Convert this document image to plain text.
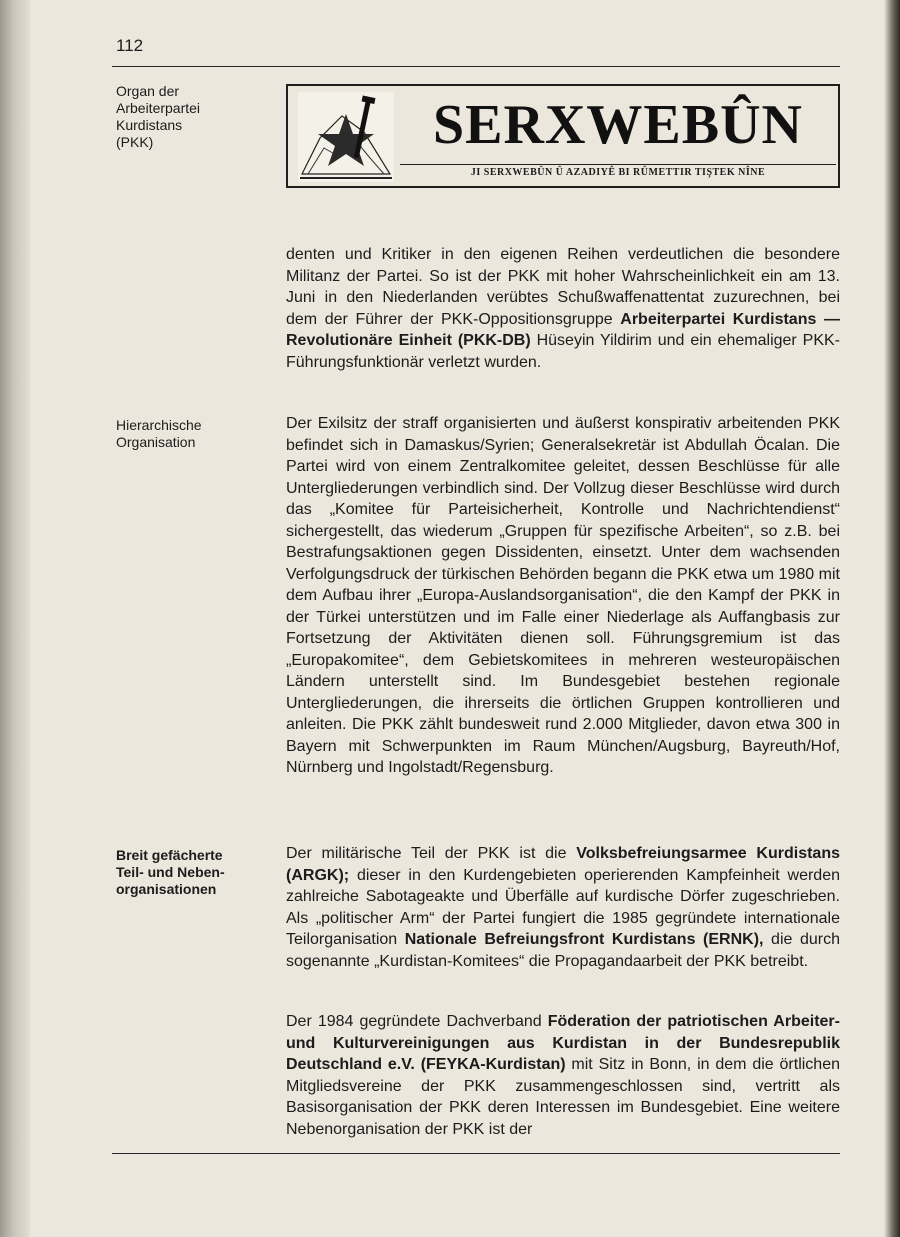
112
Organ der
Arbeiterpartei
Kurdistans
(PKK)	SERXWEBÛN
JI SERXWEBÛN Û AZADIYÊ BI RÛMETTIR TIŞTEK NÎNE

denten und Kritiker in den eigenen Reihen verdeutlichen die besondere Militanz der Partei. So ist der PKK mit hoher Wahrscheinlichkeit ein am 13. Juni in den Niederlanden verübtes Schußwaffenattentat zuzurechnen, bei dem der Führer der PKK-Oppositionsgruppe Arbeiterpartei Kurdistans — Revolutionäre Einheit (PKK-DB) Hüseyin Yildirim und ein ehemaliger PKK-Führungsfunktionär verletzt wurden.

Hierarchische
Organisation

Der Exilsitz der straff organisierten und äußerst konspirativ arbeitenden PKK befindet sich in Damaskus/Syrien; Generalsekretär ist Abdullah Öcalan. Die Partei wird von einem Zentralkomitee geleitet, dessen Beschlüsse für alle Untergliederungen verbindlich sind. Der Vollzug dieser Beschlüsse wird durch das „Komitee für Parteisicherheit, Kontrolle und Nachrichtendienst“ sichergestellt, das wiederum „Gruppen für spezifische Arbeiten“, so z.B. bei Bestrafungsaktionen gegen Dissidenten, einsetzt. Unter dem wachsenden Verfolgungsdruck der türkischen Behörden begann die PKK etwa um 1980 mit dem Aufbau ihrer „Europa-Auslandsorganisation“, die den Kampf der PKK in der Türkei unterstützen und im Falle einer Niederlage als Auffangbasis zur Fortsetzung der Aktivitäten dienen soll. Führungsgremium ist das „Europakomitee“, dem Gebietskomitees in mehreren westeuropäischen Ländern unterstellt sind. Im Bundesgebiet bestehen regionale Untergliederungen, die ihrerseits die örtlichen Gruppen kontrollieren und anleiten. Die PKK zählt bundesweit rund 2.000 Mitglieder, davon etwa 300 in Bayern mit Schwerpunkten im Raum München/Augsburg, Bayreuth/Hof, Nürnberg und Ingolstadt/Regensburg.

Breit gefächerte
Teil- und Neben-
organisationen

Der militärische Teil der PKK ist die Volksbefreiungsarmee Kurdistans (ARGK); dieser in den Kurdengebieten operierenden Kampfeinheit werden zahlreiche Sabotageakte und Überfälle auf kurdische Dörfer zugeschrieben. Als „politischer Arm“ der Partei fungiert die 1985 gegründete internationale Teilorganisation Nationale Befreiungsfront Kurdistans (ERNK), die durch sogenannte „Kurdistan-Komitees“ die Propagandaarbeit der PKK betreibt.

Der 1984 gegründete Dachverband Föderation der patriotischen Arbeiter- und Kulturvereinigungen aus Kurdistan in der Bundesrepublik Deutschland e.V. (FEYKA-Kurdistan) mit Sitz in Bonn, in dem die örtlichen Mitgliedsvereine der PKK zusammengeschlossen sind, vertritt als Basisorganisation der PKK deren Interessen im Bundesgebiet. Eine weitere Nebenorganisation der PKK ist der
